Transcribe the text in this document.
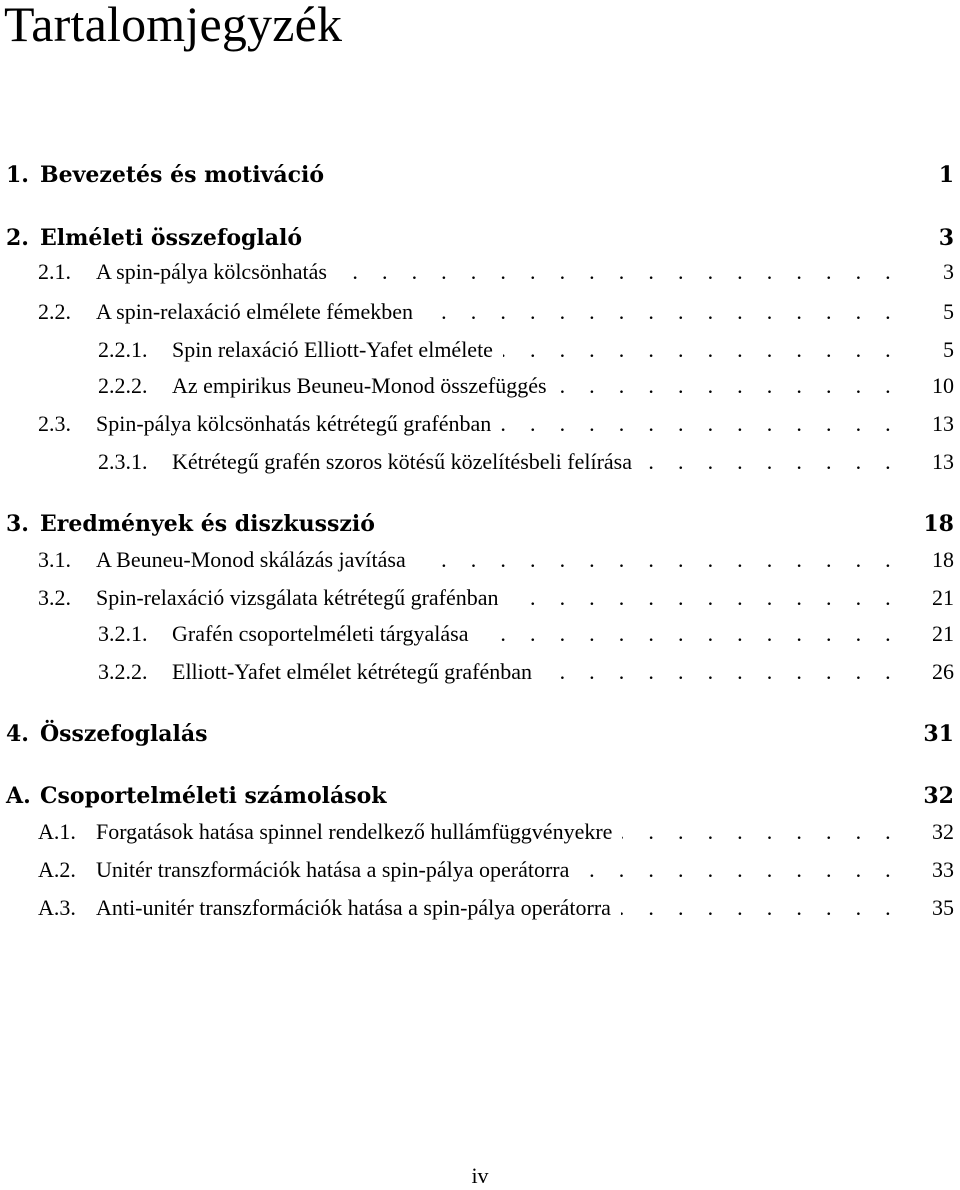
Tartalomjegyzék
1. Bevezetés és motiváció	1
2. Elméleti összefoglaló	3
2.1. A spin-pálya kölcsönhatás . . .	3
2.2. A spin-relaxáció elmélete fémekben . . .	5
2.2.1. Spin relaxáció Elliott-Yafet elmélete . . .	5
2.2.2. Az empirikus Beuneu-Monod összefüggés . . .	10
2.3. Spin-pálya kölcsönhatás kétrétegű grafénban . . .	13
2.3.1. Kétrétegű grafén szoros kötésű közelítésbeli felírása . . .	13
3. Eredmények és diszkusszió	18
3.1. A Beuneu-Monod skálázás javítása . . .	18
3.2. Spin-relaxáció vizsgálata kétrétegű grafénban . . .	21
3.2.1. Grafén csoportelméleti tárgyalása . . .	21
3.2.2. Elliott-Yafet elmélet kétrétegű grafénban . . .	26
4. Összefoglalás	31
A. Csoportelméleti számolások	32
A.1. Forgatások hatása spinnel rendelkező hullámfüggvényekre . . .	32
A.2. Unitér transzformációk hatása a spin-pálya operátorra . . .	33
A.3. Anti-unitér transzformációk hatása a spin-pálya operátorra . . .	35
iv
